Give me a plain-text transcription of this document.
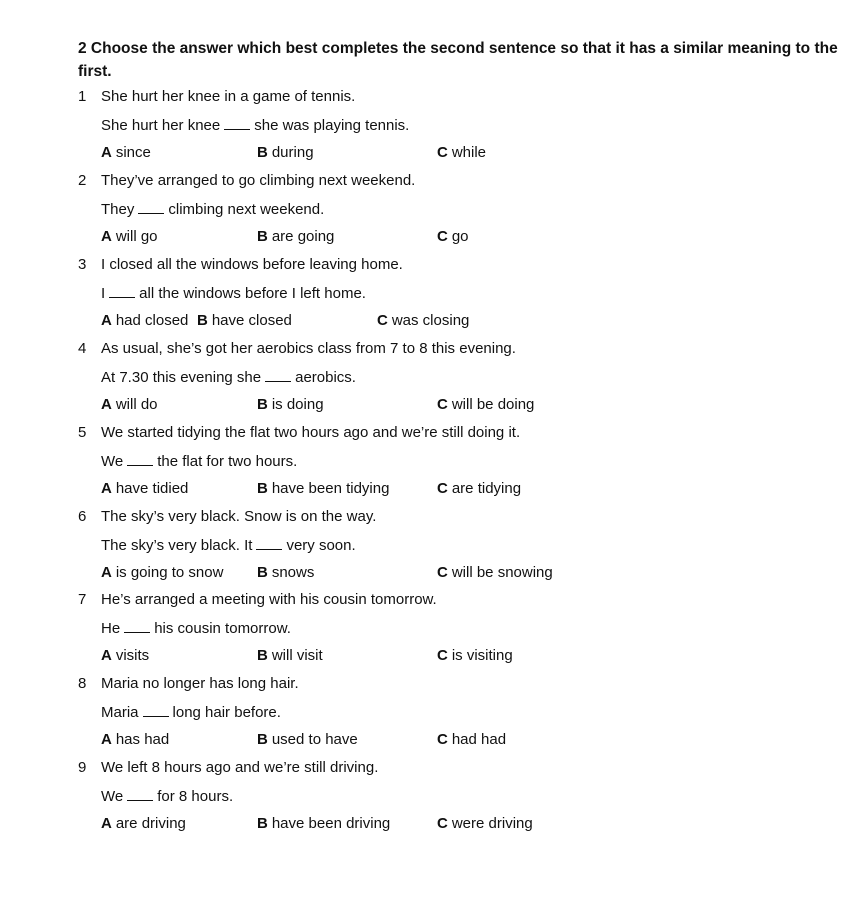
2 Choose the answer which best completes the second sentence so that it has a similar meaning to the
first.
1 She hurt her knee in a game of tennis.
She hurt her knee she was playing tennis.
A since	B during	C while
2 They’ve arranged to go climbing next weekend.
They climbing next weekend.
A will go	B are going	C go
3 I closed all the windows before leaving home.
I all the windows before I left home.
A had closed B have closed	C was closing
4 As usual, she’s got her aerobics class from 7 to 8 this evening.
At 7.30 this evening she aerobics.
A will do	B is doing	C will be doing
5 We started tidying the flat two hours ago and we’re still doing it.
We the flat for two hours.
A have tidied	B have been tidying	C are tidying
6 The sky’s very black. Snow is on the way.
The sky’s very black. It very soon.
A is going to snow B snows	C will be snowing
7 He’s arranged a meeting with his cousin tomorrow.
He his cousin tomorrow.
A visits	B will visit	C is visiting
8 Maria no longer has long hair.
Maria long hair before.
A has had	B used to have	C had had
9 We left 8 hours ago and we’re still driving.
We for 8 hours.
A are driving	B have been driving	C were driving
